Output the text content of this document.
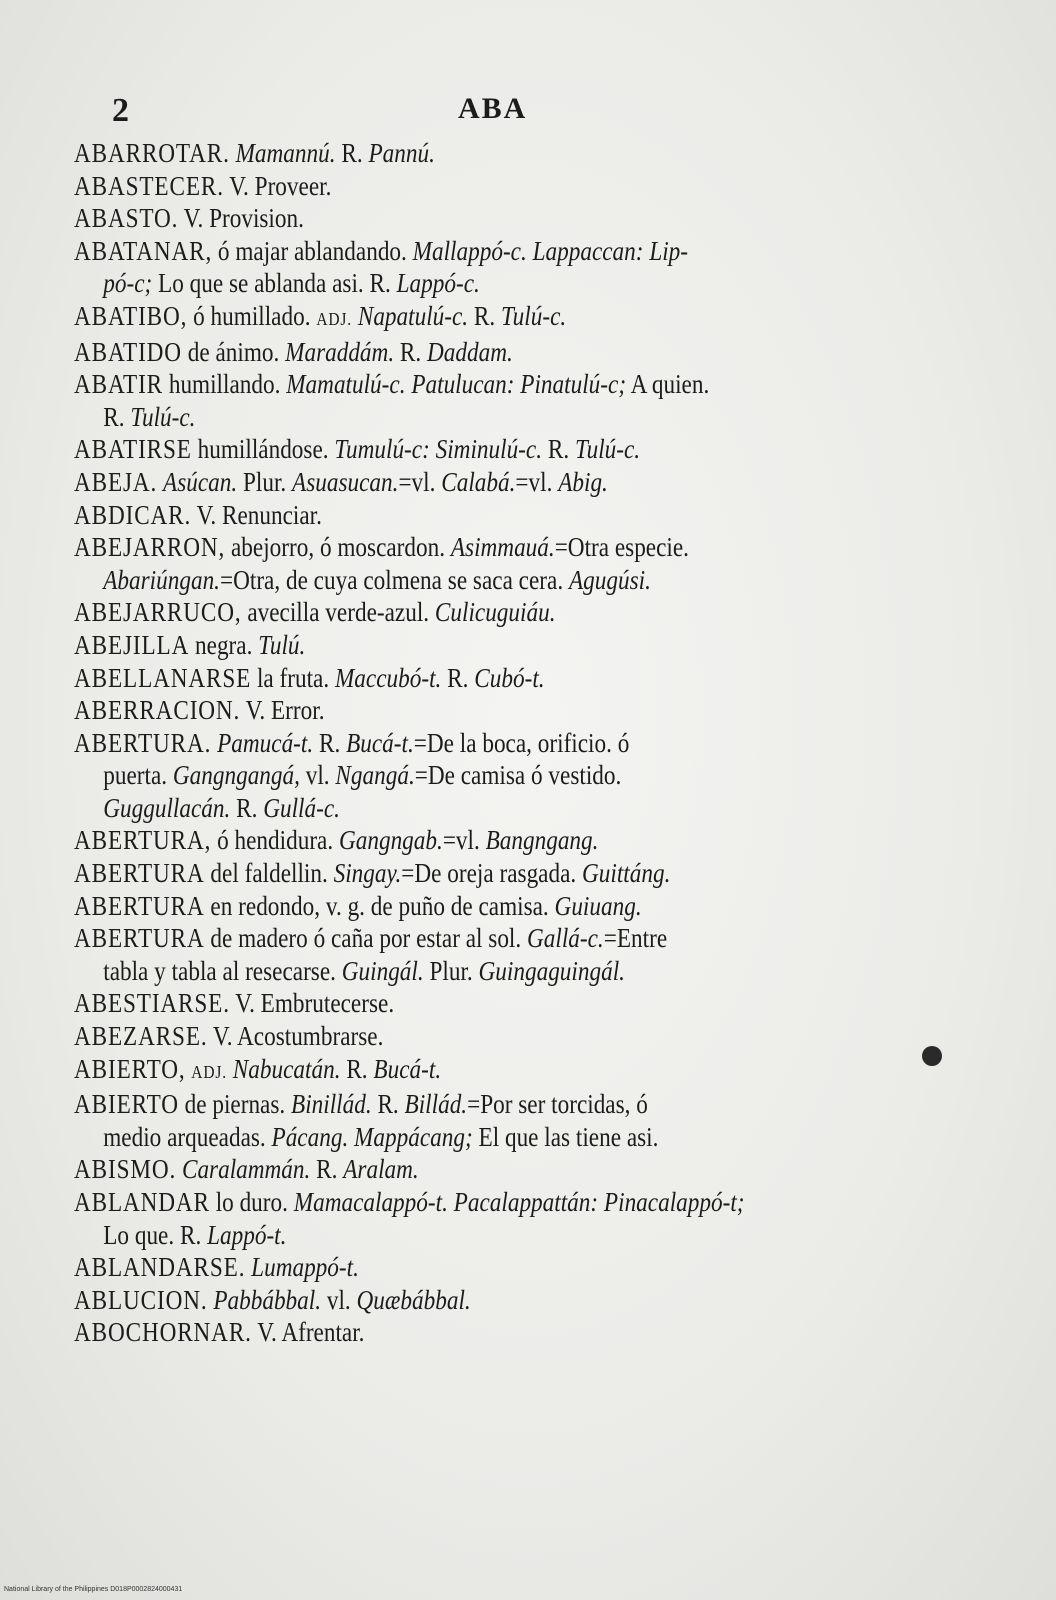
2	ABA
ABARROTAR. Mamannú. R. Pannú.
ABASTECER. V. Proveer.
ABASTO. V. Provision.
ABATANAR, ó majar ablandando. Mallappó-c. Lappaccan: Lip-
pó-c; Lo que se ablanda asi. R. Lappó-c.
ABATIBO, ó humillado. ADJ. Napatulú-c. R. Tulú-c.
ABATIDO de ánimo. Maraddám. R. Daddam.
ABATIR humillando. Mamatulú-c. Patulucan: Pinatulú-c; A quien.
R. Tulú-c.
ABATIRSE humillándose. Tumulú-c: Siminulú-c. R. Tulú-c.
ABEJA. Asúcan. Plur. Asuasucan.=vl. Calabá.=vl. Abig.
ABDICAR. V. Renunciar.
ABEJARRON, abejorro, ó moscardon. Asimmauá.=Otra especie.
Abariúngan.=Otra, de cuya colmena se saca cera. Agugúsi.
ABEJARRUCO, avecilla verde-azul. Culicuguiáu.
ABEJILLA negra. Tulú.
ABELLANARSE la fruta. Maccubó-t. R. Cubó-t.
ABERRACION. V. Error.
ABERTURA. Pamucá-t. R. Bucá-t.=De la boca, orificio. ó
puerta. Gangngangá, vl. Ngangá.=De camisa ó vestido.
Guggullacán. R. Gullá-c.
ABERTURA, ó hendidura. Gangngab.=vl. Bangngang.
ABERTURA del faldellin. Singay.=De oreja rasgada. Guittáng.
ABERTURA en redondo, v. g. de puño de camisa. Guiuang.
ABERTURA de madero ó caña por estar al sol. Gallá-c.=Entre
tabla y tabla al resecarse. Guingál. Plur. Guingaguingál.
ABESTIARSE. V. Embrutecerse.
ABEZARSE. V. Acostumbrarse.
ABIERTO, ADJ. Nabucatán. R. Bucá-t.
ABIERTO de piernas. Binillád. R. Billád.=Por ser torcidas, ó
medio arqueadas. Pácang. Mappácang; El que las tiene asi.
ABISMO. Caralammán. R. Aralam.
ABLANDAR lo duro. Mamacalappó-t. Pacalappattán: Pinacalappó-t;
Lo que. R. Lappó-t.
ABLANDARSE. Lumappó-t.
ABLUCION. Pabbábbal. vl. Quæbábbal.
ABOCHORNAR. V. Afrentar.
National Library of the Philippines D018P0002824000431
